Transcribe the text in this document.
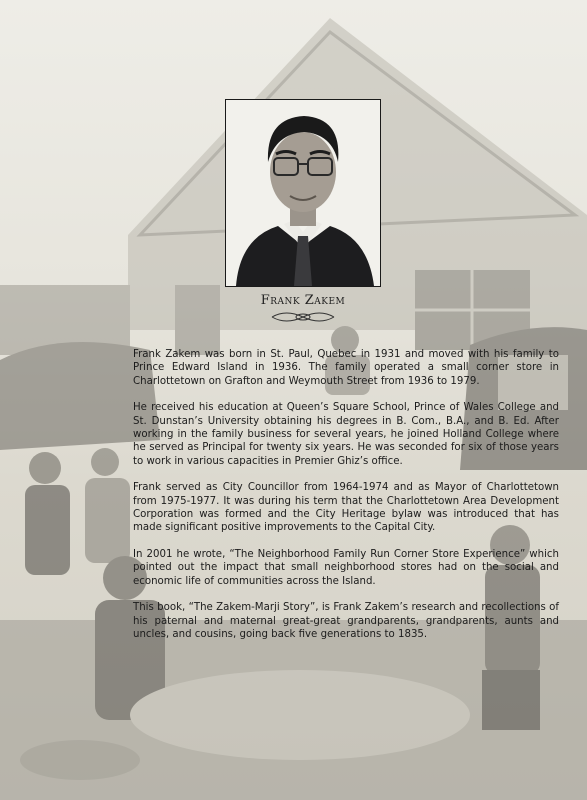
Frank Zakem

Frank Zakem was born in St. Paul, Quebec in 1931 and moved with his family to Prince Edward Island in 1936. The family operated a small corner store in Charlottetown on Grafton and Weymouth Street from 1936 to 1979.

He received his education at Queen’s Square School, Prince of Wales College and St. Dunstan’s University obtaining his degrees in B. Com., B.A., and B. Ed. After working in the family business for several years, he joined Holland College where he served as Principal for twenty six years. He was seconded for six of those years to work in various capacities in Premier Ghiz’s office.

Frank served as City Councillor from 1964-1974 and as Mayor of Charlottetown from 1975-1977. It was during his term that the Charlottetown Area Development Corporation was formed and the City Heritage bylaw was introduced that has made significant positive improvements to the Capital City.

In 2001 he wrote, “The Neighborhood Family Run Corner Store Experience” which pointed out the impact that small neighborhood stores had on the social and economic life of communities across the Island.

This book, “The Zakem-Marji Story”, is Frank Zakem’s research and recollections of his paternal and maternal great-great grandparents, grandparents, aunts and uncles, and cousins, going back five generations to 1835.
